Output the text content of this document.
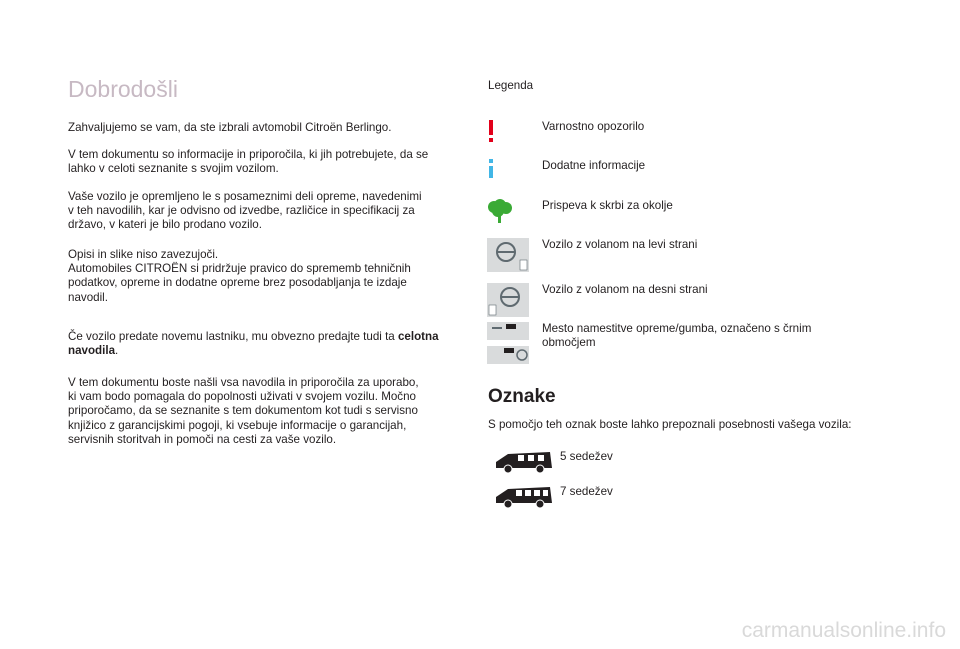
Dobrodošli

Zahvaljujemo se vam, da ste izbrali avtomobil Citroën Berlingo.

V tem dokumentu so informacije in priporočila, ki jih potrebujete, da se
lahko v celoti seznanite s svojim vozilom.

Vaše vozilo je opremljeno le s posameznimi deli opreme, navedenimi
v teh navodilih, kar je odvisno od izvedbe, različice in specifikacij za
državo, v kateri je bilo prodano vozilo.

Opisi in slike niso zavezujoči.
Automobiles CITROËN si pridržuje pravico do sprememb tehničnih
podatkov, opreme in dodatne opreme brez posodabljanja te izdaje
navodil.

Če vozilo predate novemu lastniku, mu obvezno predajte tudi ta celotna
navodila.

V tem dokumentu boste našli vsa navodila in priporočila za uporabo,
ki vam bodo pomagala do popolnosti uživati v svojem vozilu. Močno
priporočamo, da se seznanite s tem dokumentom kot tudi s servisno
knjižico z garancijskimi pogoji, ki vsebuje informacije o garancijah,
servisnih storitvah in pomoči na cesti za vaše vozilo.

Legenda
Varnostno opozorilo
Dodatne informacije
Prispeva k skrbi za okolje
Vozilo z volanom na levi strani
Vozilo z volanom na desni strani
Mesto namestitve opreme/gumba, označeno s črnim
območjem
Oznake
S pomočjo teh oznak boste lahko prepoznali posebnosti vašega vozila:
5 sedežev
7 sedežev
carmanualsonline.info
